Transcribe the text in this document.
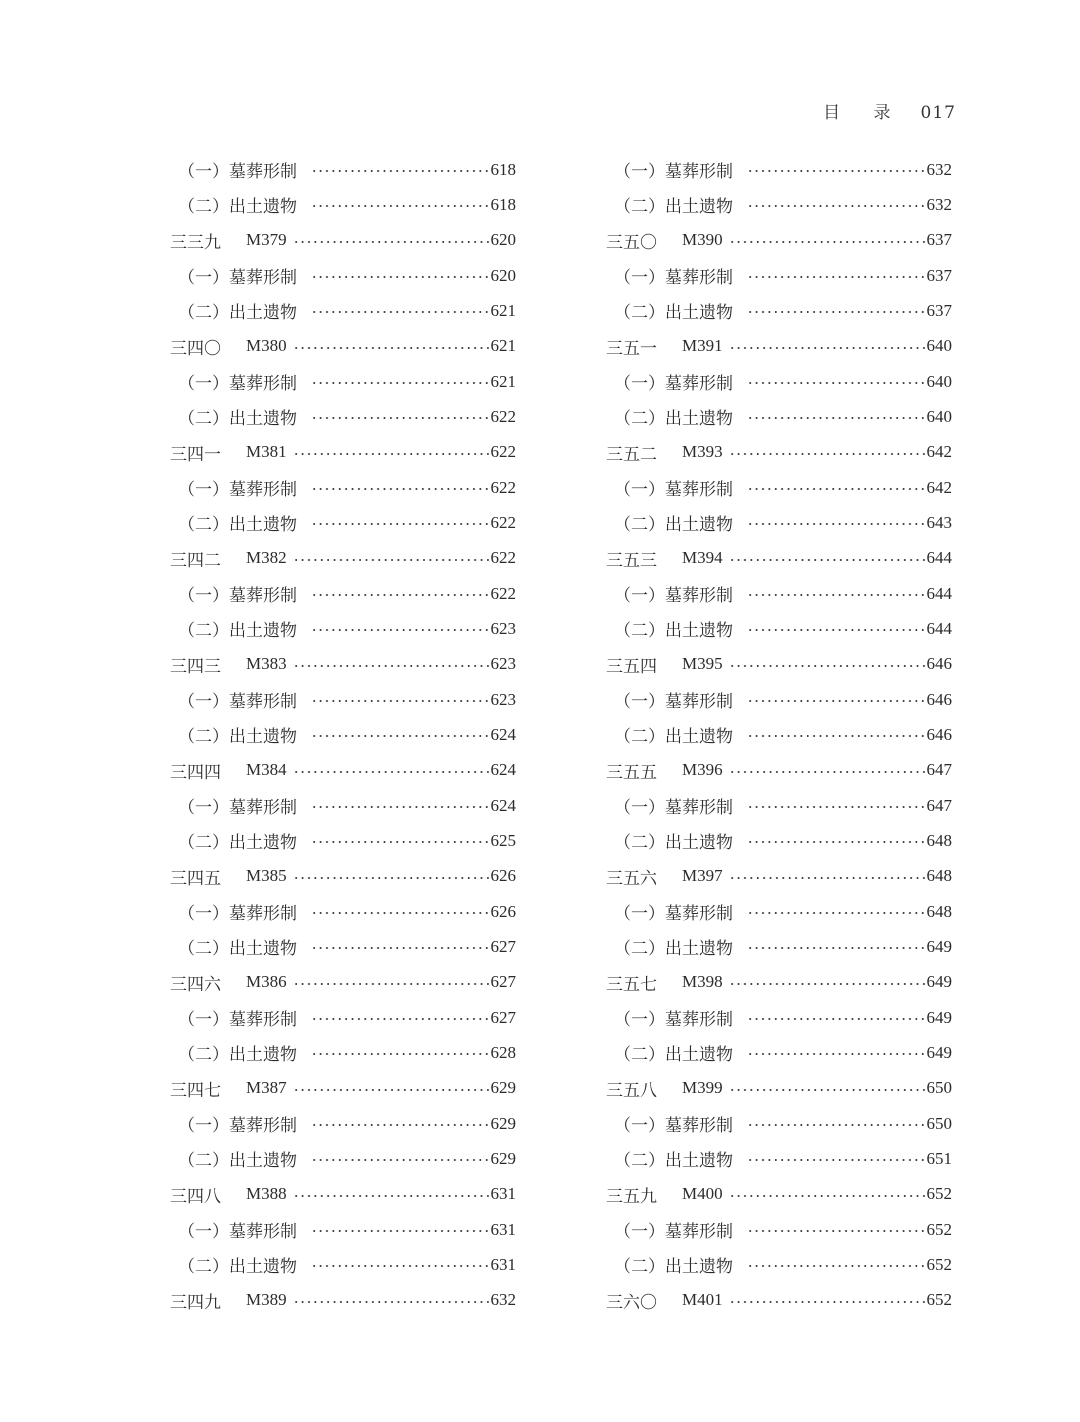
目 录 017
（一）墓葬形制	618
（二）出土遗物	618
三三九	M379	620
（一）墓葬形制	620
（二）出土遗物	621
三四〇	M380	621
（一）墓葬形制	621
（二）出土遗物	622
三四一	M381	622
（一）墓葬形制	622
（二）出土遗物	622
三四二	M382	622
（一）墓葬形制	622
（二）出土遗物	623
三四三	M383	623
（一）墓葬形制	623
（二）出土遗物	624
三四四	M384	624
（一）墓葬形制	624
（二）出土遗物	625
三四五	M385	626
（一）墓葬形制	626
（二）出土遗物	627
三四六	M386	627
（一）墓葬形制	627
（二）出土遗物	628
三四七	M387	629
（一）墓葬形制	629
（二）出土遗物	629
三四八	M388	631
（一）墓葬形制	631
（二）出土遗物	631
三四九	M389	632
（一）墓葬形制	632
（二）出土遗物	632
三五〇	M390	637
（一）墓葬形制	637
（二）出土遗物	637
三五一	M391	640
（一）墓葬形制	640
（二）出土遗物	640
三五二	M393	642
（一）墓葬形制	642
（二）出土遗物	643
三五三	M394	644
（一）墓葬形制	644
（二）出土遗物	644
三五四	M395	646
（一）墓葬形制	646
（二）出土遗物	646
三五五	M396	647
（一）墓葬形制	647
（二）出土遗物	648
三五六	M397	648
（一）墓葬形制	648
（二）出土遗物	649
三五七	M398	649
（一）墓葬形制	649
（二）出土遗物	649
三五八	M399	650
（一）墓葬形制	650
（二）出土遗物	651
三五九	M400	652
（一）墓葬形制	652
（二）出土遗物	652
三六〇	M401	652
